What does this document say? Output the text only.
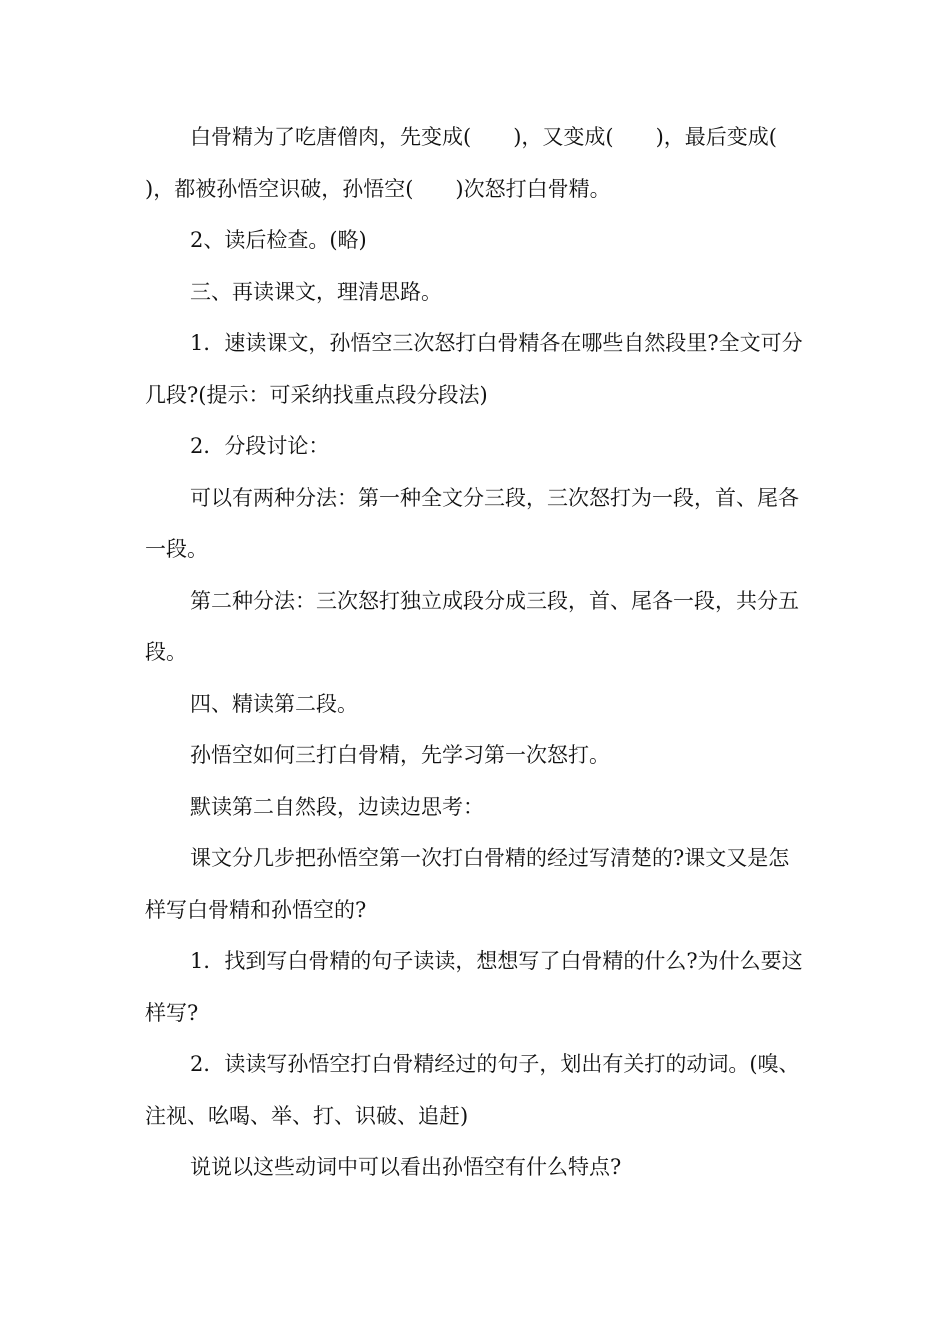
白骨精为了吃唐僧肉，先变成(　　)，又变成(　　)，最后变成(　　)，都被孙悟空识破，孙悟空(　　)次怒打白骨精。

2、读后检查。(略)

三、再读课文，理清思路。

1．速读课文，孙悟空三次怒打白骨精各在哪些自然段里?全文可分几段?(提示：可采纳找重点段分段法)

2．分段讨论：

可以有两种分法：第一种全文分三段，三次怒打为一段，首、尾各一段。

第二种分法：三次怒打独立成段分成三段，首、尾各一段，共分五段。

四、精读第二段。

孙悟空如何三打白骨精，先学习第一次怒打。

默读第二自然段，边读边思考：

课文分几步把孙悟空第一次打白骨精的经过写清楚的?课文又是怎样写白骨精和孙悟空的?

1．找到写白骨精的句子读读，想想写了白骨精的什么?为什么要这样写?

2．读读写孙悟空打白骨精经过的句子，划出有关打的动词。(嗅、注视、吆喝、举、打、识破、追赶)

说说以这些动词中可以看出孙悟空有什么特点?
